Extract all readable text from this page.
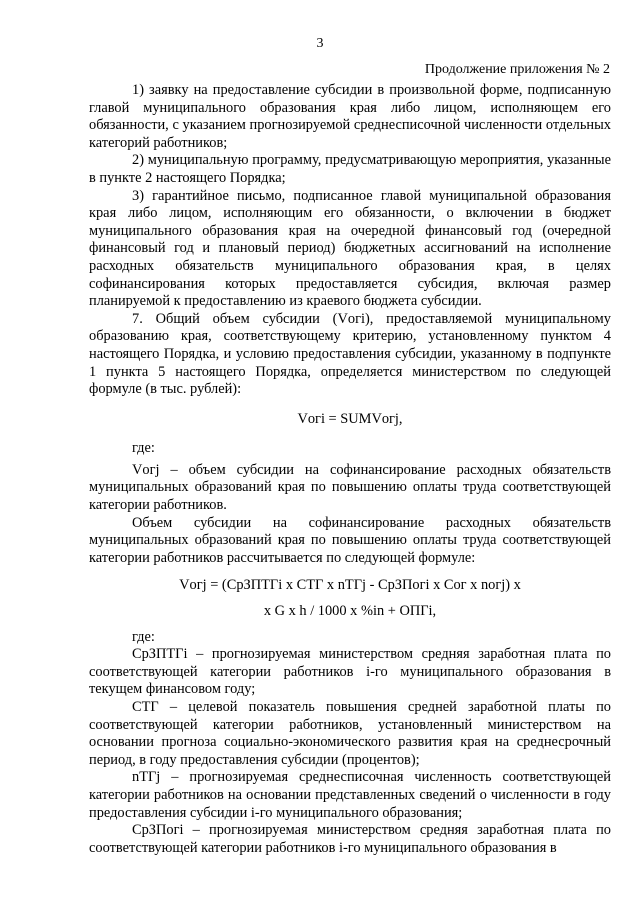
3
Продолжение приложения № 2

1) заявку на предоставление субсидии в произвольной форме, подписанную главой муниципального образования края либо лицом, исполняющем его обязанности, с указанием прогнозируемой среднесписочной численности отдельных категорий работников;

2) муниципальную программу, предусматривающую мероприятия, указанные в пункте 2 настоящего Порядка;

3) гарантийное письмо, подписанное главой муниципальной образования края либо лицом, исполняющим его обязанности, о включении в бюджет муниципального образования края на очередной финансовый год (очередной финансовый год и плановый период) бюджетных ассигнований на исполнение расходных обязательств муниципального образования края, в целях софинансирования которых предоставляется субсидия, включая размер планируемой к предоставлению из краевого бюджета субсидии.

7. Общий объем субсидии (Vогi), предоставляемой муниципальному образованию края, соответствующему критерию, установленному пунктом 4 настоящего Порядка, и условию предоставления субсидии, указанному в подпункте 1 пункта 5 настоящего Порядка, определяется министерством по следующей формуле (в тыс. рублей):

Vогi = SUMVогj,

где:

Vогj – объем субсидии на софинансирование расходных обязательств муниципальных образований края по повышению оплаты труда соответствующей категории работников.

Объем субсидии на софинансирование расходных обязательств муниципальных образований края по повышению оплаты труда соответствующей категории работников рассчитывается по следующей формуле:

Vогj = (СрЗПТГi х СТГ х nТГj - СрЗПогi х Сог х nогj) х

х G х h / 1000 х %in + ОПГi,

где:

СрЗПТГi – прогнозируемая министерством средняя заработная плата по соответствующей категории работников i-го муниципального образования в текущем финансовом году;

СТГ – целевой показатель повышения средней заработной платы по соответствующей категории работников, установленный министерством на основании прогноза социально-экономического развития края на среднесрочный период, в году предоставления субсидии (процентов);

nТГj – прогнозируемая среднесписочная численность соответствующей категории работников на основании представленных сведений о численности в году предоставления субсидии i-го муниципального образования;

СрЗПогi – прогнозируемая министерством средняя заработная плата по соответствующей категории работников i-го муниципального образования в
